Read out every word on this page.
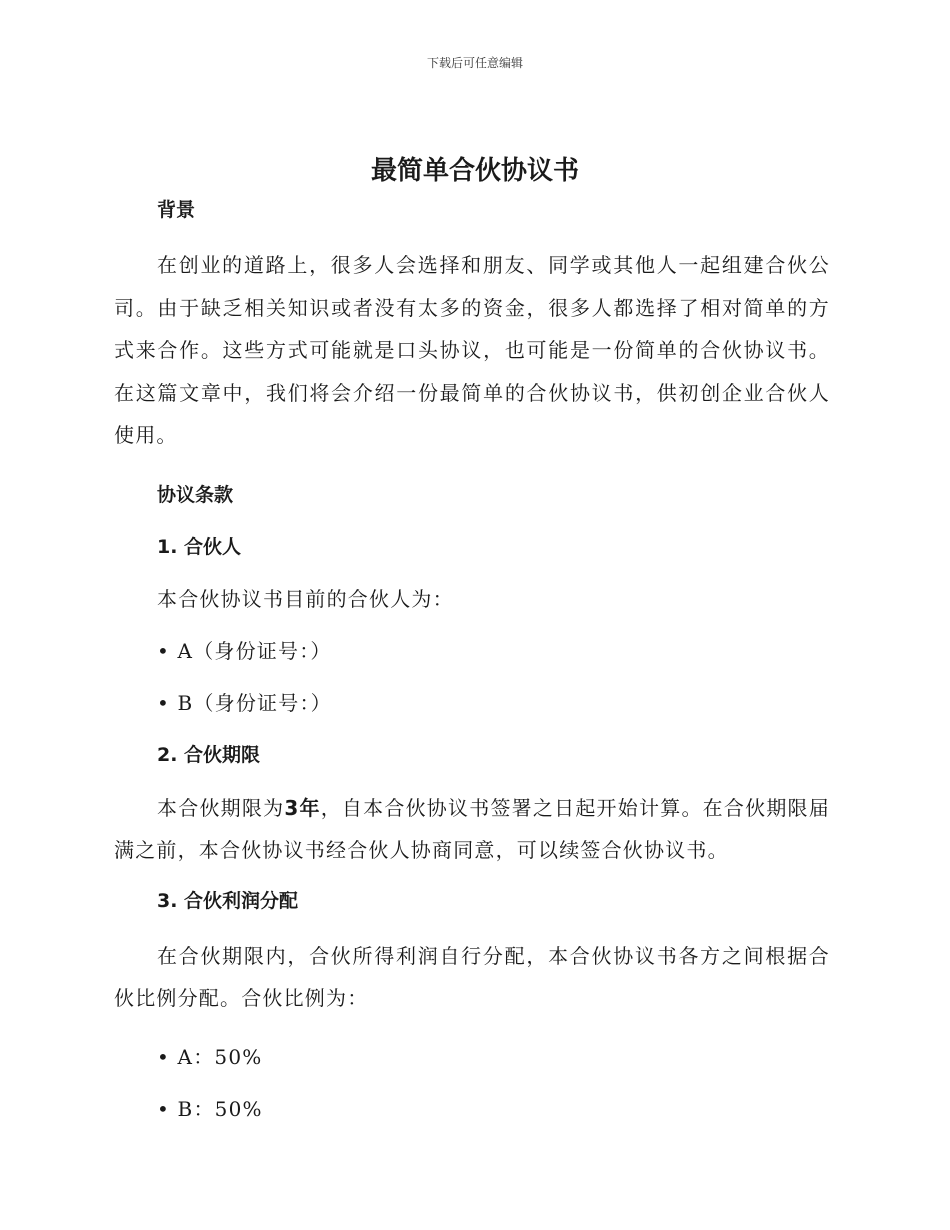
下载后可任意编辑
最简单合伙协议书
背景

在创业的道路上，很多人会选择和朋友、同学或其他人一起组建合伙公司。由于缺乏相关知识或者没有太多的资金，很多人都选择了相对简单的方式来合作。这些方式可能就是口头协议，也可能是一份简单的合伙协议书。在这篇文章中，我们将会介绍一份最简单的合伙协议书，供初创企业合伙人使用。

协议条款
1. 合伙人
本合伙协议书目前的合伙人为：
• A（身份证号：）
• B（身份证号：）
2. 合伙期限

本合伙期限为3年，自本合伙协议书签署之日起开始计算。在合伙期限届满之前，本合伙协议书经合伙人协商同意，可以续签合伙协议书。

3. 合伙利润分配

在合伙期限内，合伙所得利润自行分配，本合伙协议书各方之间根据合伙比例分配。合伙比例为：

• A：50%
• B：50%
